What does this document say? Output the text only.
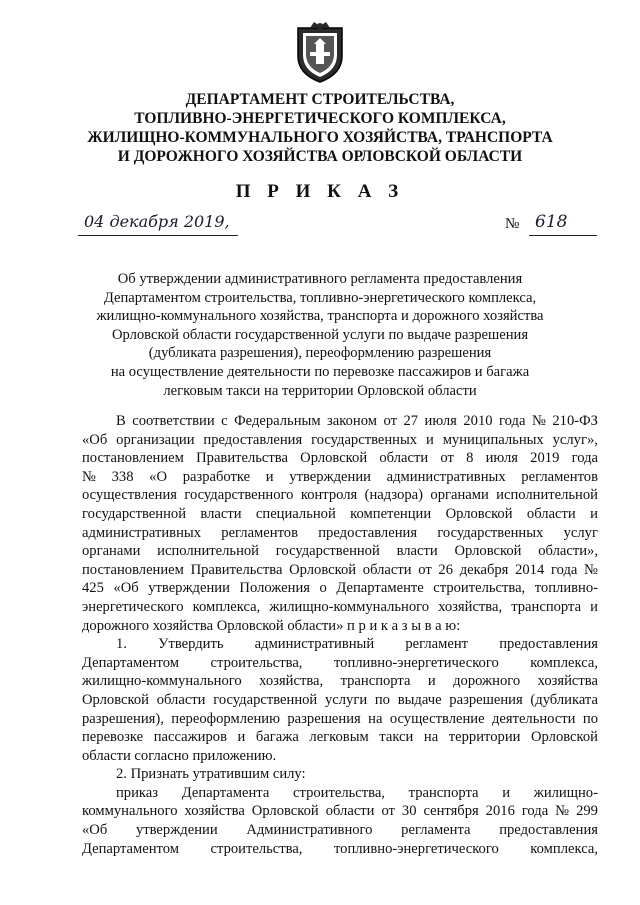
ДЕПАРТАМЕНТ СТРОИТЕЛЬСТВА,
ТОПЛИВНО-ЭНЕРГЕТИЧЕСКОГО КОМПЛЕКСА,
ЖИЛИЩНО-КОММУНАЛЬНОГО ХОЗЯЙСТВА, ТРАНСПОРТА
И ДОРОЖНОГО ХОЗЯЙСТВА ОРЛОВСКОЙ ОБЛАСТИ
П Р И К А З
04 декабря 2019,	№ 618
Об утверждении административного регламента предоставления
Департаментом строительства, топливно-энергетического комплекса,
жилищно-коммунального хозяйства, транспорта и дорожного хозяйства
Орловской области государственной услуги по выдаче разрешения
(дубликата разрешения), переоформлению разрешения
на осуществление деятельности по перевозке пассажиров и багажа
легковым такси на территории Орловской области
В соответствии с Федеральным законом от 27 июля 2010 года № 210-ФЗ
«Об организации предоставления государственных и муниципальных услуг»,
постановлением Правительства Орловской области от 8 июля 2019 года
№ 338 «О разработке и утверждении административных регламентов
осуществления государственного контроля (надзора) органами исполнительной
государственной власти специальной компетенции Орловской области и
административных регламентов предоставления государственных услуг
органами исполнительной государственной власти Орловской области»,
постановлением Правительства Орловской области от 26 декабря 2014 года №
425 «Об утверждении Положения о Департаменте строительства, топливно-
энергетического комплекса, жилищно-коммунального хозяйства, транспорта и
дорожного хозяйства Орловской области» п р и к а з ы в а ю:
1. Утвердить административный регламент предоставления
Департаментом строительства, топливно-энергетического комплекса,
жилищно-коммунального хозяйства, транспорта и дорожного хозяйства
Орловской области государственной услуги по выдаче разрешения (дубликата
разрешения), переоформлению разрешения на осуществление деятельности по
перевозке пассажиров и багажа легковым такси на территории Орловской
области согласно приложению.
2. Признать утратившим силу:
приказ Департамента строительства, транспорта и жилищно-
коммунального хозяйства Орловской области от 30 сентября 2016 года № 299
«Об утверждении Административного регламента предоставления
Департаментом строительства, топливно-энергетического комплекса,
